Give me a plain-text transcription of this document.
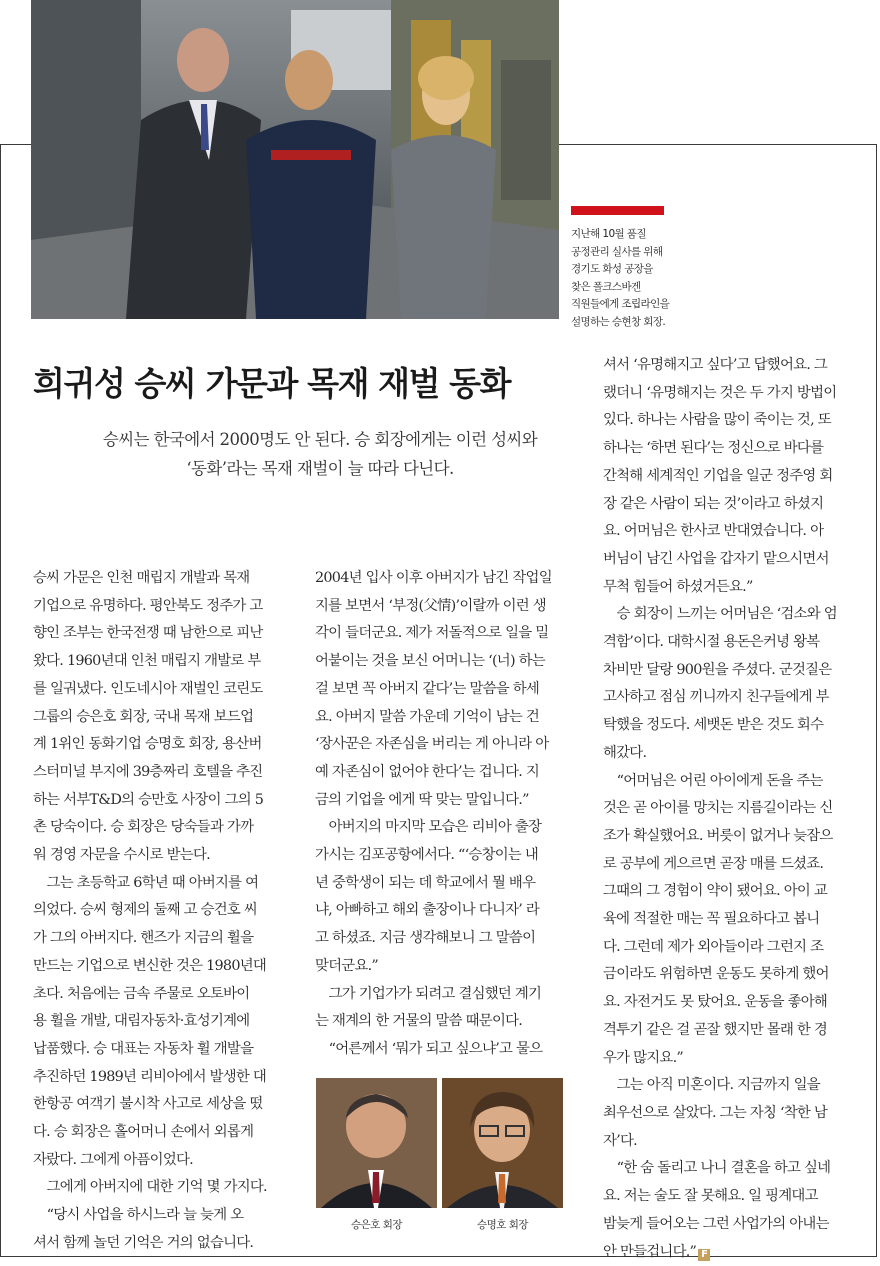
지난해 10월 품질
공정관리 실사를 위해
경기도 화성 공장을
찾은 폴크스바겐
직원들에게 조립라인을
설명하는 승현창 회장.
희귀성 승씨 가문과 목재 재벌 동화
승씨는 한국에서 2000명도 안 된다. 승 회장에게는 이런 성씨와
‘동화’라는 목재 재벌이 늘 따라 다닌다.
승씨 가문은 인천 매립지 개발과 목재
기업으로 유명하다. 평안북도 정주가 고
향인 조부는 한국전쟁 때 남한으로 피난
왔다. 1960년대 인천 매립지 개발로 부
를 일궈냈다. 인도네시아 재벌인 코린도
그룹의 승은호 회장, 국내 목재 보드업
계 1위인 동화기업 승명호 회장, 용산버
스터미널 부지에 39층짜리 호텔을 추진
하는 서부T&D의 승만호 사장이 그의 5
촌 당숙이다. 승 회장은 당숙들과 가까
워 경영 자문을 수시로 받는다.
　그는 초등학교 6학년 때 아버지를 여
의었다. 승씨 형제의 둘째 고 승건호 씨
가 그의 아버지다. 핸즈가 지금의 휠을
만드는 기업으로 변신한 것은 1980년대
초다. 처음에는 금속 주물로 오토바이
용 휠을 개발, 대림자동차·효성기계에
납품했다. 승 대표는 자동차 휠 개발을
추진하던 1989년 리비아에서 발생한 대
한항공 여객기 불시착 사고로 세상을 떴
다. 승 회장은 홀어머니 손에서 외롭게
자랐다. 그에게 아픔이었다.
　그에게 아버지에 대한 기억 몇 가지다.
　“당시 사업을 하시느라 늘 늦게 오
셔서 함께 놀던 기억은 거의 없습니다.
2004년 입사 이후 아버지가 남긴 작업일
지를 보면서 ‘부정(父情)’이랄까 이런 생
각이 들더군요. 제가 저돌적으로 일을 밀
어붙이는 것을 보신 어머니는 ‘(너) 하는
걸 보면 꼭 아버지 같다’는 말씀을 하세
요. 아버지 말씀 가운데 기억이 남는 건
‘장사꾼은 자존심을 버리는 게 아니라 아
예 자존심이 없어야 한다’는 겁니다. 지
금의 기업을 에게 딱 맞는 말입니다.”
　아버지의 마지막 모습은 리비아 출장
가시는 김포공항에서다. “‘승창이는 내
년 중학생이 되는 데 학교에서 뭘 배우
냐, 아빠하고 해외 출장이나 다니자’ 라
고 하셨죠. 지금 생각해보니 그 말씀이
맞더군요.”
　그가 기업가가 되려고 결심했던 계기
는 재계의 한 거물의 말씀 때문이다.
　“어른께서 ‘뭐가 되고 싶으냐’고 물으
셔서 ‘유명해지고 싶다’고 답했어요. 그
랬더니 ‘유명해지는 것은 두 가지 방법이
있다. 하나는 사람을 많이 죽이는 것, 또
하나는 ‘하면 된다’는 정신으로 바다를
간척해 세계적인 기업을 일군 정주영 회
장 같은 사람이 되는 것’이라고 하셨지
요. 어머님은 한사코 반대였습니다. 아
버님이 남긴 사업을 갑자기 맡으시면서
무척 힘들어 하셨거든요.”
　승 회장이 느끼는 어머님은 ‘검소와 엄
격함’이다. 대학시절 용돈은커녕 왕복
차비만 달랑 900원을 주셨다. 군것질은
고사하고 점심 끼니까지 친구들에게 부
탁했을 정도다. 세뱃돈 받은 것도 회수
해갔다.
　“어머님은 어린 아이에게 돈을 주는
것은 곧 아이를 망치는 지름길이라는 신
조가 확실했어요. 버릇이 없거나 늦잠으
로 공부에 게으르면 곧장 매를 드셨죠.
그때의 그 경험이 약이 됐어요. 아이 교
육에 적절한 매는 꼭 필요하다고 봅니
다. 그런데 제가 외아들이라 그런지 조
금이라도 위험하면 운동도 못하게 했어
요. 자전거도 못 탔어요. 운동을 좋아해
격투기 같은 걸 곧잘 했지만 몰래 한 경
우가 많지요.”
　그는 아직 미혼이다. 지금까지 일을
최우선으로 살았다. 그는 자칭 ‘착한 남
자’다.
　“한 숨 돌리고 나니 결혼을 하고 싶네
요. 저는 술도 잘 못해요. 일 핑계대고
밤늦게 들어오는 그런 사업가의 아내는
안 만들겁니다.” F
승은호 회장	승명호 회장
